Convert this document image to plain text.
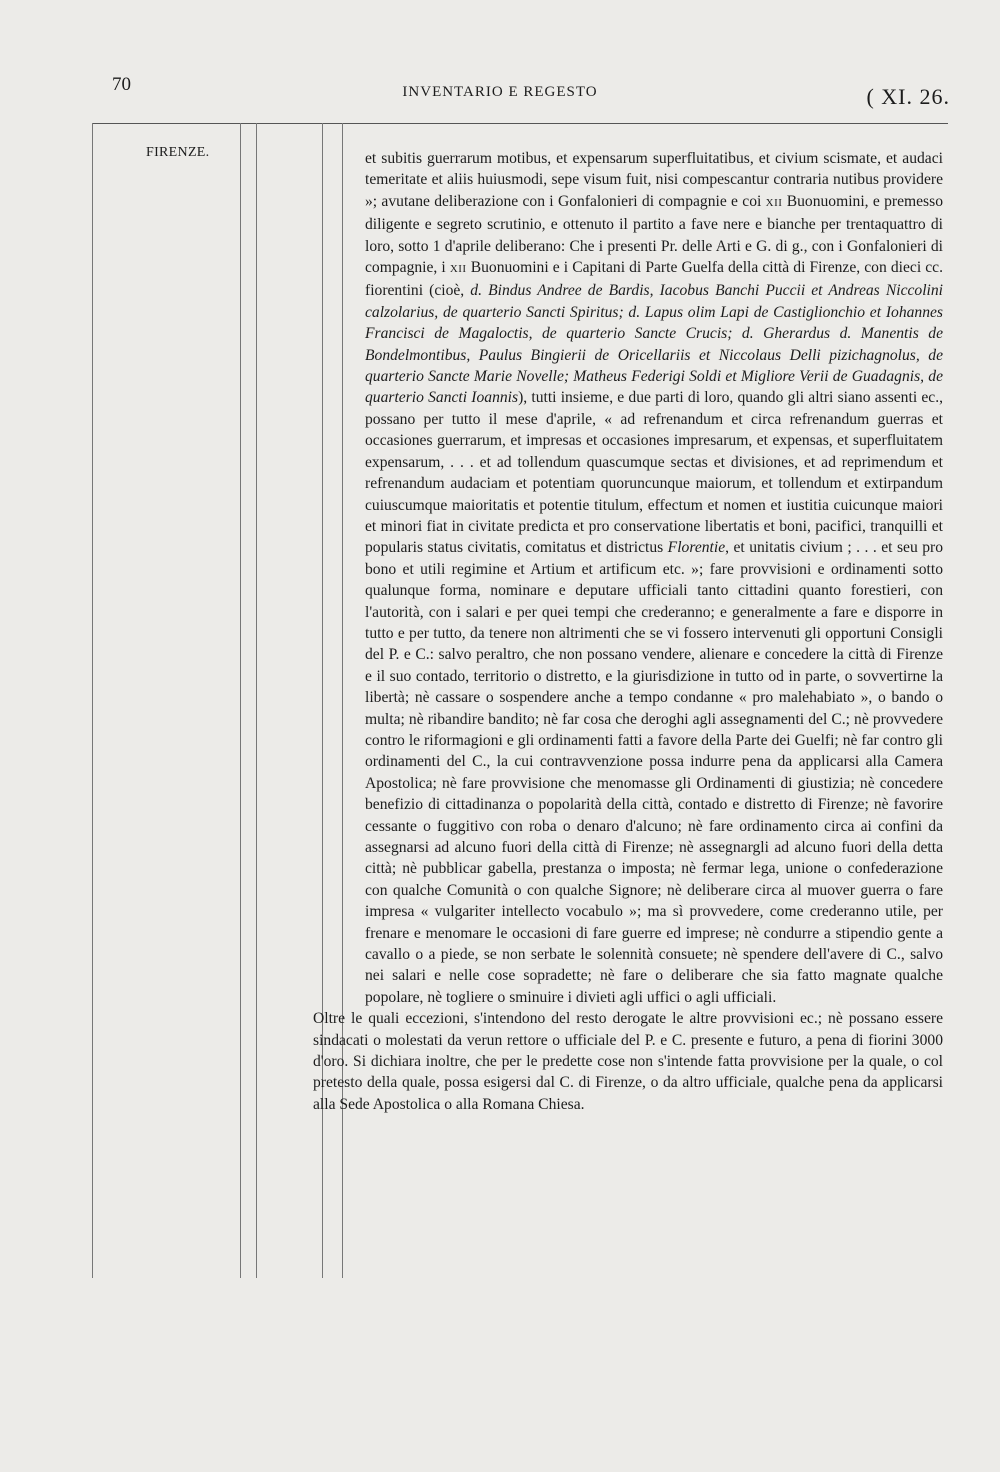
70	INVENTARIO E REGESTO	( XI. 26.
FIRENZE.	et subitis guerrarum motibus, et expensarum superfluitatibus, et civium scismate, et audaci temeritate et aliis huiusmodi, sepe visum fuit, nisi compescantur contraria nutibus providere »; avutane deliberazione con i Gonfalonieri di compagnie e coi XII Buonuomini, e premesso diligente e segreto scrutinio, e ottenuto il partito a fave nere e bianche per trentaquattro di loro, sotto 1 d'aprile deliberano: Che i presenti Pr. delle Arti e G. di g., con i Gonfalonieri di compagnie, i XII Buonuomini e i Capitani di Parte Guelfa della città di Firenze, con dieci cc. fiorentini (cioè, d. Bindus Andree de Bardis, Iacobus Banchi Puccii et Andreas Niccolini calzolarius, de quarterio Sancti Spiritus; d. Lapus olim Lapi de Castiglionchio et Iohannes Francisci de Magaloctis, de quarterio Sancte Crucis; d. Gherardus d. Manentis de Bondelmontibus, Paulus Bingierii de Oricellariis et Niccolaus Delli pizichagnolus, de quarterio Sancte Marie Novelle; Matheus Federigi Soldi et Migliore Verii de Guadagnis, de quarterio Sancti Ioannis), tutti insieme, e due parti di loro, quando gli altri siano assenti ec., possano per tutto il mese d'aprile, « ad refrenandum et circa refrenandum guerras et occasiones guerrarum, et impresas et occasiones impresarum, et expensas, et superfluitatem expensarum, . . . et ad tollendum quascumque sectas et divisiones, et ad reprimendum et refrenandum audaciam et potentiam quoruncunque maiorum, et tollendum et extirpandum cuiuscumque maioritatis et potentie titulum, effectum et nomen et iustitia cuicunque maiori et minori fiat in civitate predicta et pro conservatione libertatis et boni, pacifici, tranquilli et popularis status civitatis, comitatus et districtus Florentie, et unitatis civium ; . . . et seu pro bono et utili regimine et Artium et artificum etc. »; fare provvisioni e ordinamenti sotto qualunque forma, nominare e deputare ufficiali tanto cittadini quanto forestieri, con l'autorità, con i salari e per quei tempi che crederanno; e generalmente a fare e disporre in tutto e per tutto, da tenere non altrimenti che se vi fossero intervenuti gli opportuni Consigli del P. e C.: salvo peraltro, che non possano vendere, alienare e concedere la città di Firenze e il suo contado, territorio o distretto, e la giurisdizione in tutto od in parte, o sovvertirne la libertà; nè cassare o sospendere anche a tempo condanne « pro malehabiato », o bando o multa; nè ribandire bandito; nè far cosa che deroghi agli assegnamenti del C.; nè provvedere contro le riformagioni e gli ordinamenti fatti a favore della Parte dei Guelfi; nè far contro gli ordinamenti del C., la cui contravvenzione possa indurre pena da applicarsi alla Camera Apostolica; nè fare provvisione che menomasse gli Ordinamenti di giustizia; nè concedere benefizio di cittadinanza o popolarità della città, contado e distretto di Firenze; nè favorire cessante o fuggitivo con roba o denaro d'alcuno; nè fare ordinamento circa ai confini da assegnarsi ad alcuno fuori della città di Firenze; nè assegnargli ad alcuno fuori della detta città; nè pubblicar gabella, prestanza o imposta; nè fermar lega, unione o confederazione con qualche Comunità o con qualche Signore; nè deliberare circa al muover guerra o fare impresa « vulgariter intellecto vocabulo »; ma sì provvedere, come crederanno utile, per frenare e menomare le occasioni di fare guerre ed imprese; nè condurre a stipendio gente a cavallo o a piede, se non serbate le solennità consuete; nè spendere dell'avere di C., salvo nei salari e nelle cose sopradette; nè fare o deliberare che sia fatto magnate qualche popolare, nè togliere o sminuire i divieti agli uffici o agli ufficiali.

Oltre le quali eccezioni, s'intendono del resto derogate le altre provvisioni ec.; nè possano essere sindacati o molestati da verun rettore o ufficiale del P. e C. presente e futuro, a pena di fiorini 3000 d'oro. Si dichiara inoltre, che per le predette cose non s'intende fatta provvisione per la quale, o col pretesto della quale, possa esigersi dal C. di Firenze, o da altro ufficiale, qualche pena da applicarsi alla Sede Apostolica o alla Romana Chiesa.
